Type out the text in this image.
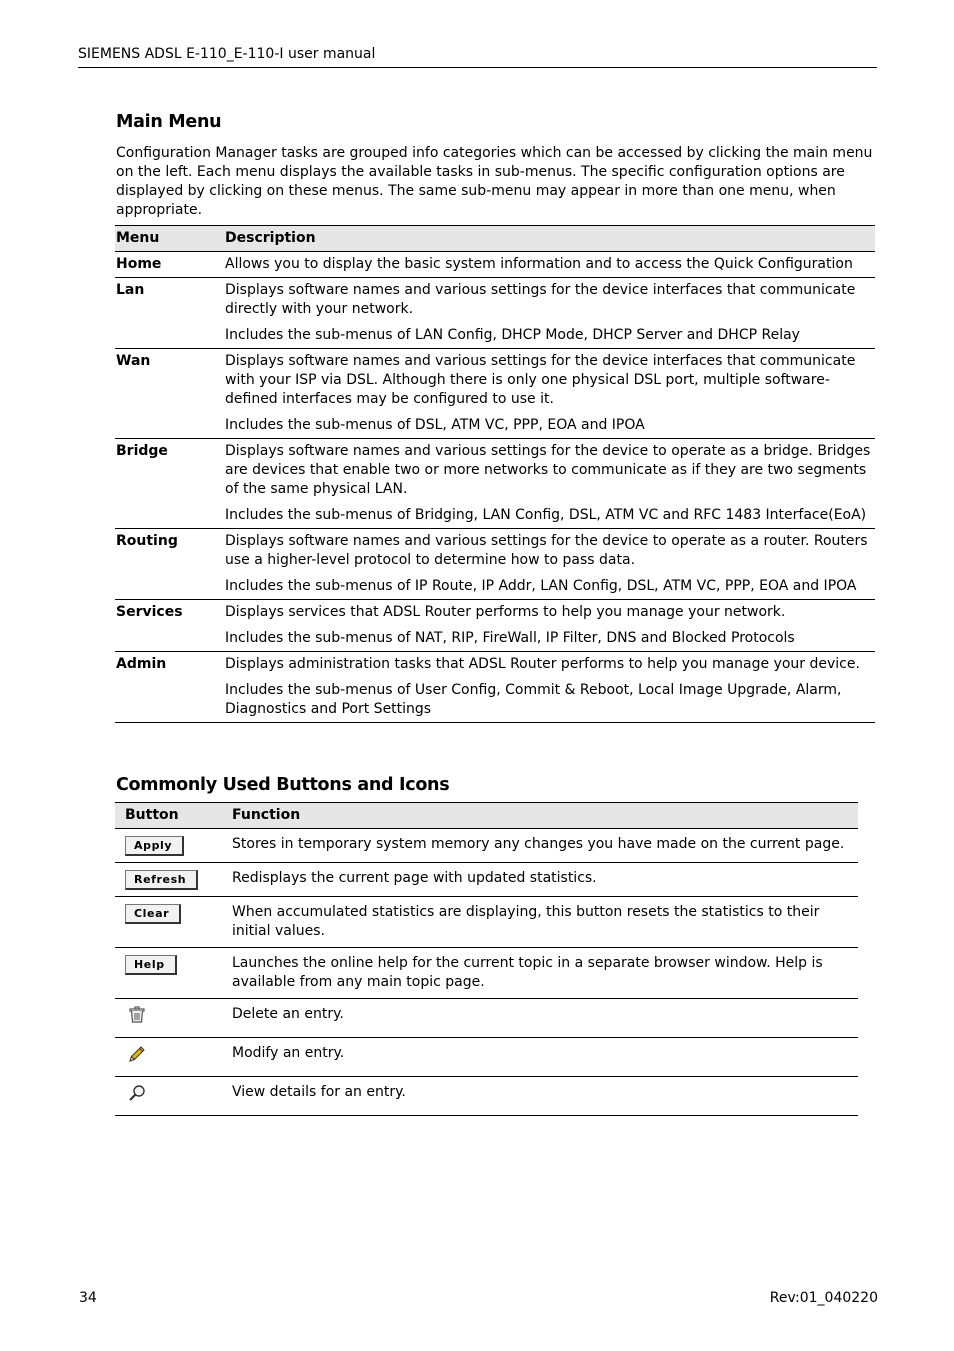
SIEMENS ADSL E-110_E-110-I user manual
Main Menu

Configuration Manager tasks are grouped info categories which can be accessed by clicking the main menu on the left. Each menu displays the available tasks in sub-menus. The specific configuration options are displayed by clicking on these menus. The same sub-menu may appear in more than one menu, when appropriate.

Menu	Description
Home	Allows you to display the basic system information and to access the Quick Configuration

Lan	Displays software names and various settings for the device interfaces that communicate directly with your network.

Includes the sub-menus of LAN Config, DHCP Mode, DHCP Server and DHCP Relay

Wan	Displays software names and various settings for the device interfaces that communicate with your ISP via DSL. Although there is only one physical DSL port, multiple software-defined interfaces may be configured to use it.

Includes the sub-menus of DSL, ATM VC, PPP, EOA and IPOA

Bridge	Displays software names and various settings for the device to operate as a bridge. Bridges are devices that enable two or more networks to communicate as if they are two segments of the same physical LAN.

Includes the sub-menus of Bridging, LAN Config, DSL, ATM VC and RFC 1483 Interface(EoA)

Routing	Displays software names and various settings for the device to operate as a router. Routers use a higher-level protocol to determine how to pass data.

Includes the sub-menus of IP Route, IP Addr, LAN Config, DSL, ATM VC, PPP, EOA and IPOA

Services	Displays services that ADSL Router performs to help you manage your network.

Includes the sub-menus of NAT, RIP, FireWall, IP Filter, DNS and Blocked Protocols

Admin	Displays administration tasks that ADSL Router performs to help you manage your device.

Includes the sub-menus of User Config, Commit & Reboot, Local Image Upgrade, Alarm, Diagnostics and Port Settings

Commonly Used Buttons and Icons
Button	Function
Apply	Stores in temporary system memory any changes you have made on the current page.
Refresh	Redisplays the current page with updated statistics.
Clear	When accumulated statistics are displaying, this button resets the statistics to their initial values.
Help	Launches the online help for the current topic in a separate browser window. Help is available from any main topic page.
	Delete an entry.
	Modify an entry.
	View details for an entry.
34	Rev:01_040220
